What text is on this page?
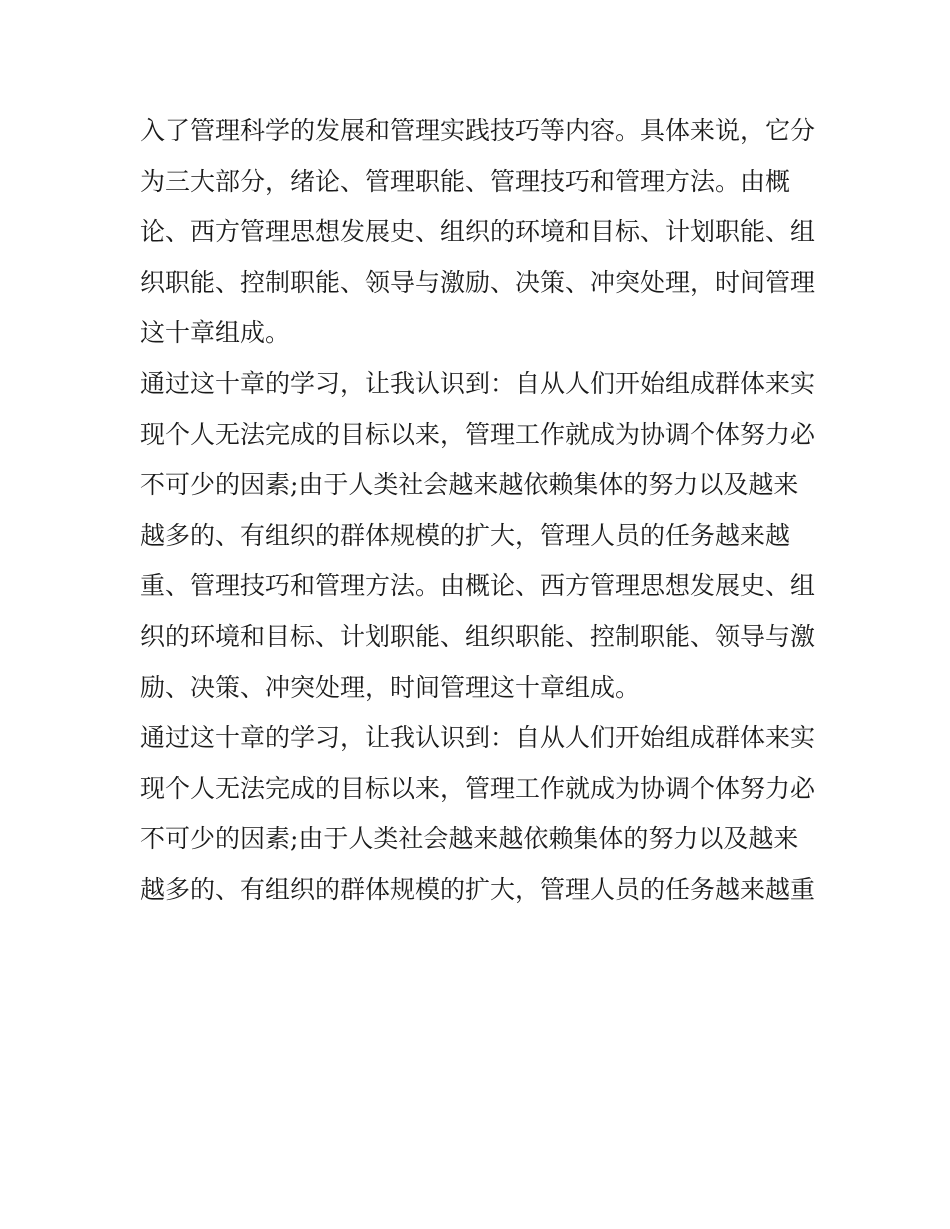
入了管理科学的发展和管理实践技巧等内容。具体来说，它分
为三大部分，绪论、管理职能、管理技巧和管理方法。由概
论、西方管理思想发展史、组织的环境和目标、计划职能、组
织职能、控制职能、领导与激励、决策、冲突处理，时间管理
这十章组成。
通过这十章的学习，让我认识到：自从人们开始组成群体来实
现个人无法完成的目标以来，管理工作就成为协调个体努力必
不可少的因素;由于人类社会越来越依赖集体的努力以及越来
越多的、有组织的群体规模的扩大，管理人员的任务越来越
重、管理技巧和管理方法。由概论、西方管理思想发展史、组
织的环境和目标、计划职能、组织职能、控制职能、领导与激
励、决策、冲突处理，时间管理这十章组成。
通过这十章的学习，让我认识到：自从人们开始组成群体来实
现个人无法完成的目标以来，管理工作就成为协调个体努力必
不可少的因素;由于人类社会越来越依赖集体的努力以及越来
越多的、有组织的群体规模的扩大，管理人员的任务越来越重
